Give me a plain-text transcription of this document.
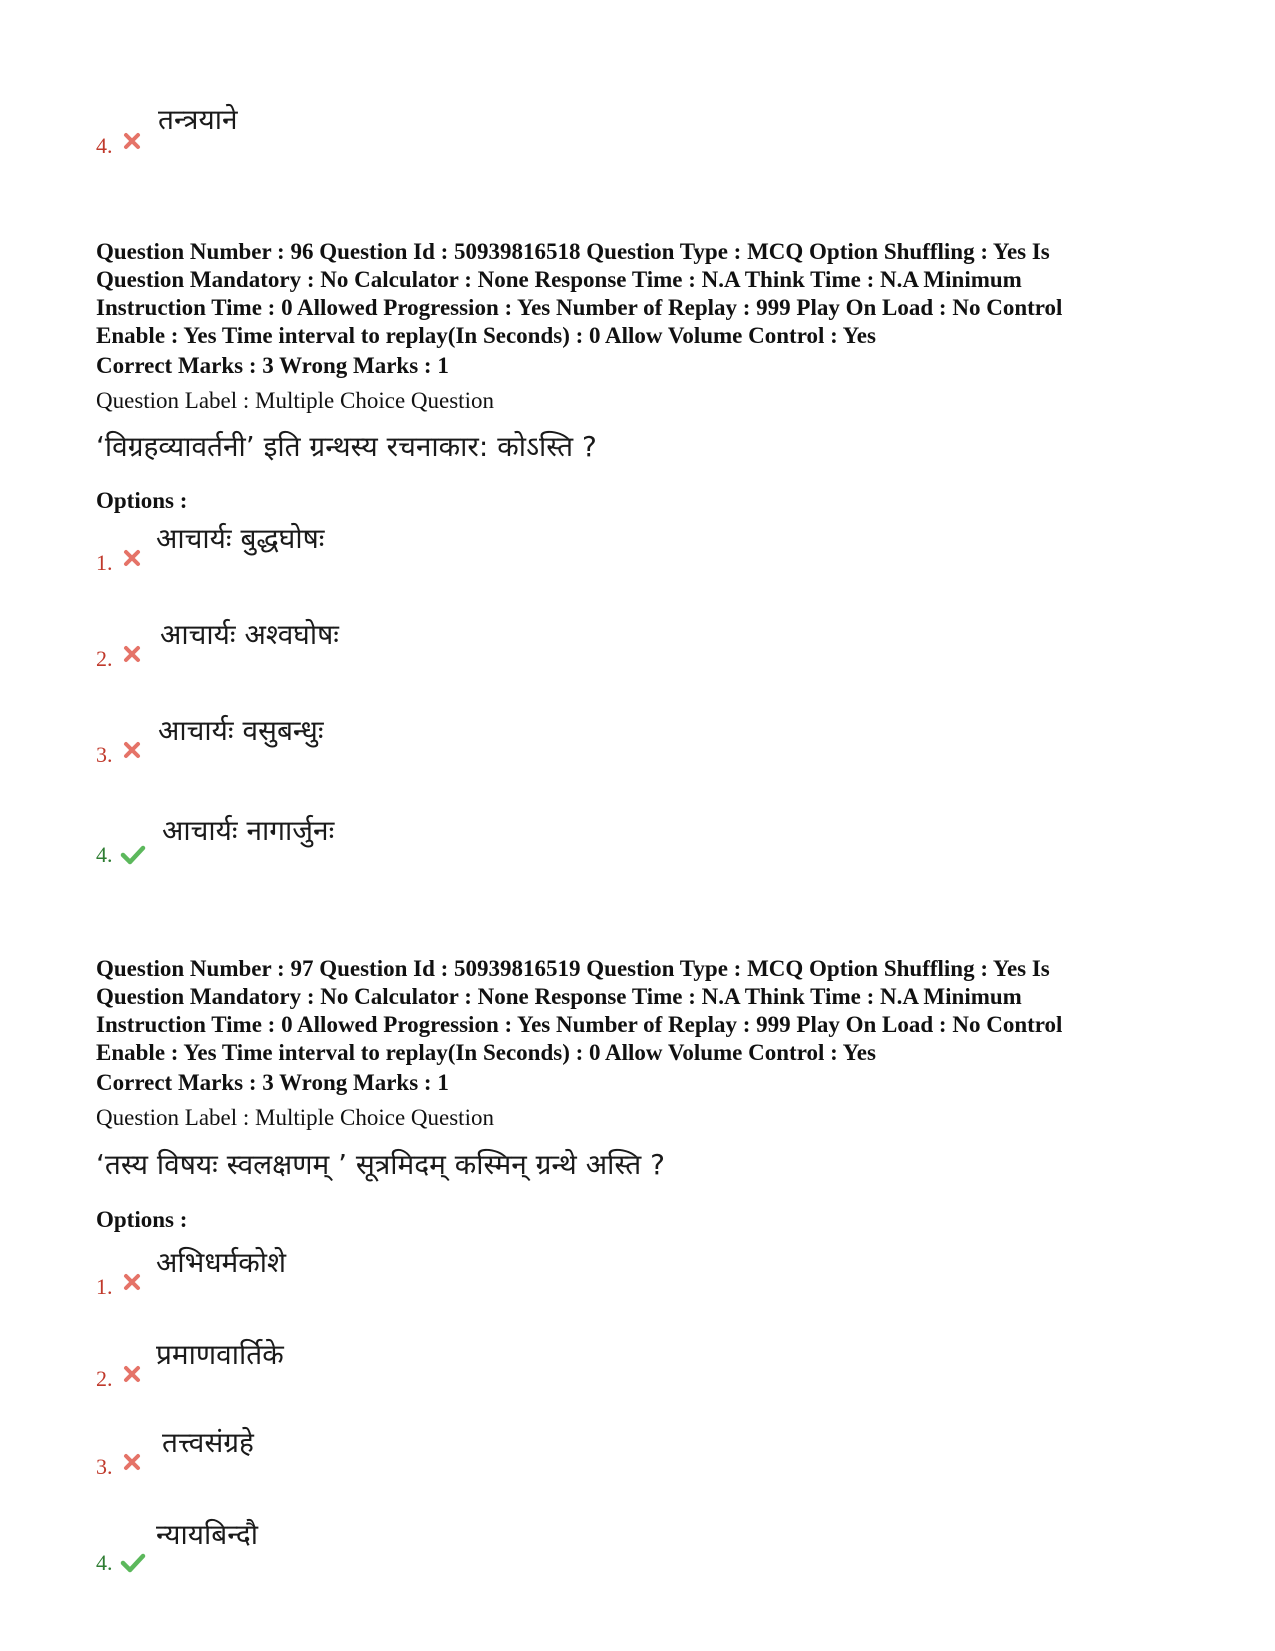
4.
तन्त्रयाने
Question Number : 96 Question Id : 50939816518 Question Type : MCQ Option Shuffling : Yes Is
Question Mandatory : No Calculator : None Response Time : N.A Think Time : N.A Minimum
Instruction Time : 0 Allowed Progression : Yes Number of Replay : 999 Play On Load : No Control
Enable : Yes Time interval to replay(In Seconds) : 0 Allow Volume Control : Yes
Correct Marks : 3 Wrong Marks : 1
Question Label : Multiple Choice Question
‘विग्रहव्यावर्तनी’ इति ग्रन्थस्य रचनाकार: कोऽस्ति ?
Options :
1.
आचार्यः बुद्धघोषः
2.
आचार्यः अश्वघोषः
3.
आचार्यः वसुबन्धुः
4.
आचार्यः नागार्जुनः
Question Number : 97 Question Id : 50939816519 Question Type : MCQ Option Shuffling : Yes Is
Question Mandatory : No Calculator : None Response Time : N.A Think Time : N.A Minimum
Instruction Time : 0 Allowed Progression : Yes Number of Replay : 999 Play On Load : No Control
Enable : Yes Time interval to replay(In Seconds) : 0 Allow Volume Control : Yes
Correct Marks : 3 Wrong Marks : 1
Question Label : Multiple Choice Question
‘तस्य विषयः स्वलक्षणम् ’ सूत्रमिदम् कस्मिन् ग्रन्थे अस्ति ?
Options :
1.
अभिधर्मकोशे
2.
प्रमाणवार्तिके
3.
तत्त्वसंग्रहे
4.
न्यायबिन्दौ
